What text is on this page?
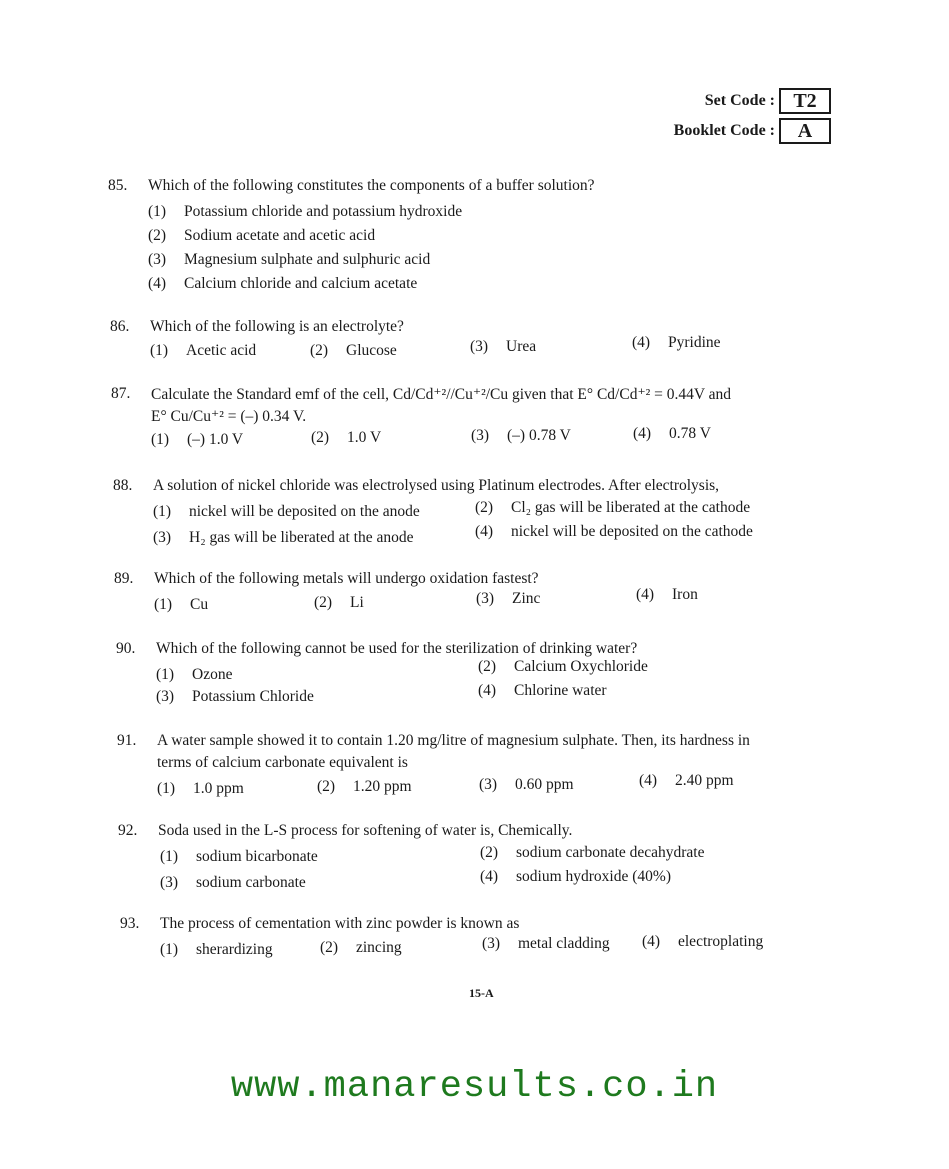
Set Code : T2
Booklet Code :	A
85.	Which of the following constitutes the components of a buffer solution?
(1) Potassium chloride and potassium hydroxide
(2) Sodium acetate and acetic acid
(3) Magnesium sulphate and sulphuric acid
(4) Calcium chloride and calcium acetate
86.	Which of the following is an electrolyte?
(1) Acetic acid	(2) Glucose	(3) Urea	(4) Pyridine
87.	Calculate the Standard emf of the cell, Cd/Cd⁺²//Cu⁺²/Cu given that E° Cd/Cd⁺² = 0.44V and
E° Cu/Cu⁺² = (–) 0.34 V.
(1) (–) 1.0 V	(2) 1.0 V	(3) (–) 0.78 V	(4) 0.78 V
88.	A solution of nickel chloride was electrolysed using Platinum electrodes. After electrolysis,
(1) nickel will be deposited on the anode	(2) Cl₂ gas will be liberated at the cathode
(3) H₂ gas will be liberated at the anode	(4) nickel will be deposited on the cathode
89.	Which of the following metals will undergo oxidation fastest?
(1) Cu	(2) Li	(3) Zinc	(4) Iron
90.	Which of the following cannot be used for the sterilization of drinking water?
(1) Ozone	(2) Calcium Oxychloride
(3) Potassium Chloride	(4) Chlorine water
91.	A water sample showed it to contain 1.20 mg/litre of magnesium sulphate. Then, its hardness in
terms of calcium carbonate equivalent is
(1) 1.0 ppm	(2) 1.20 ppm	(3) 0.60 ppm	(4) 2.40 ppm
92.	Soda used in the L-S process for softening of water is, Chemically.
(1) sodium bicarbonate	(2) sodium carbonate decahydrate
(3) sodium carbonate	(4) sodium hydroxide (40%)
93.	The process of cementation with zinc powder is known as
(1) sherardizing	(2) zincing	(3) metal cladding (4) electroplating
15-A
www.manaresults.co.in
